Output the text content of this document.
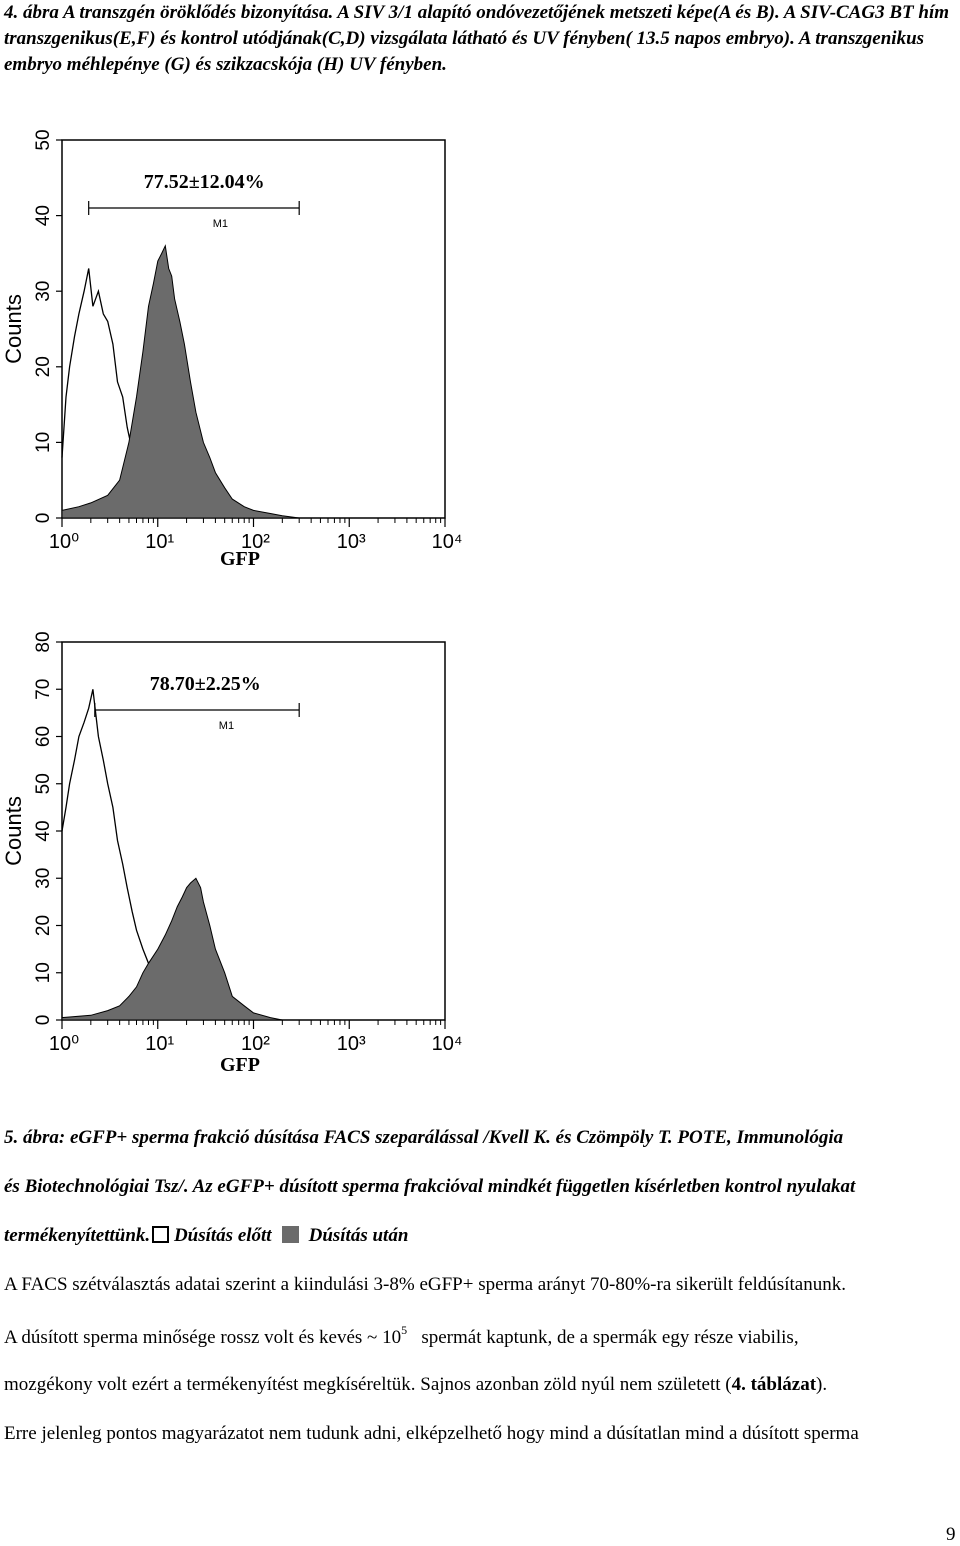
4. ábra A transzgén öröklődés bizonyítása. A SIV 3/1 alapító ondóvezetőjének metszeti képe(A és B). A SIV-CAG3 BT hím transzgenikus(E,F) és kontrol utódjának(C,D) vizsgálata látható és UV fényben( 13.5 napos embryo). A transzgenikus embryo méhlepénye (G) és szikzacskója (H) UV fényben.
0
10
20
30
40
50
Counts
10⁰	10¹	10²	10³	10⁴
M1
77.52±12.04%
GFP
0
10
20
30
40
50
60
70
80
Counts
10⁰	10¹	10²	10³	10⁴
M1
78.70±2.25%
GFP
5. ábra: eGFP+ sperma frakció dúsítása FACS szeparálással /Kvell K. és Czömpöly T. POTE, Immunológia
és Biotechnológiai Tsz/. Az eGFP+ dúsított sperma frakcióval mindkét független kísérletben kontrol nyulakat
termékenyítettünk. Dúsítás előtt Dúsítás után
A FACS szétválasztás adatai szerint a kiindulási 3-8% eGFP+ sperma arányt 70-80%-ra sikerült feldúsítanunk.
A dúsított sperma minősége rossz volt és kevés ~ $10^5$ spermát kaptunk, de a spermák egy része viabilis,
mozgékony volt ezért a termékenyítést megkíséreltük. Sajnos azonban zöld nyúl nem született (4. táblázat).
Erre jelenleg pontos magyarázatot nem tudunk adni, elképzelhető hogy mind a dúsítatlan mind a dúsított sperma
9
